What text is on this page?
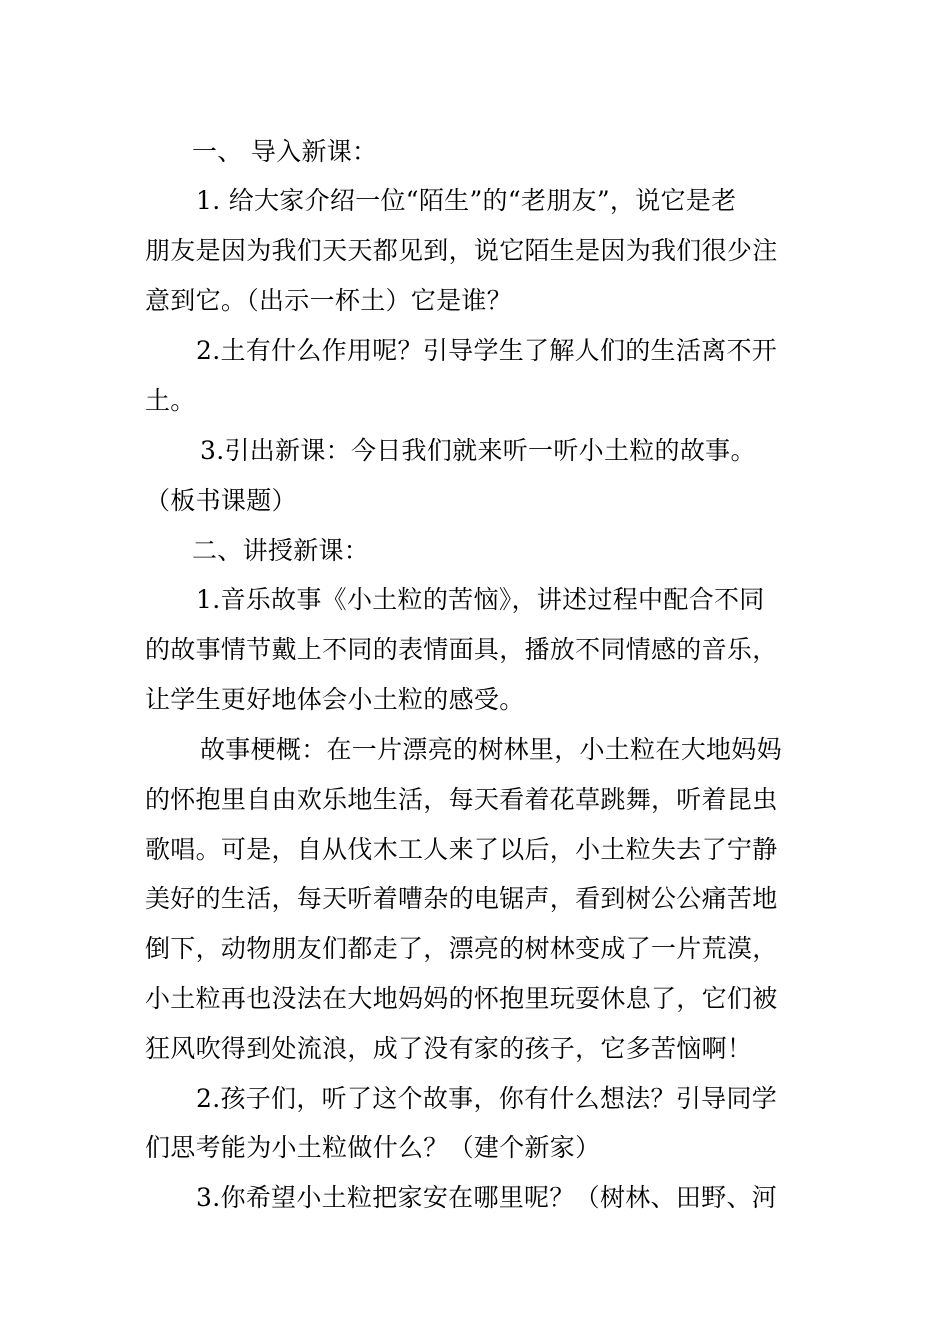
一、 导入新课：
1. 给大家介绍一位“陌生”的“老朋友”，说它是老
朋友是因为我们天天都见到，说它陌生是因为我们很少注
意到它。（出示一杯土）它是谁？
2.土有什么作用呢？引导学生了解人们的生活离不开
土。
3.引出新课：今日我们就来听一听小土粒的故事。
（板书课题）
二、讲授新课：
1.音乐故事《小土粒的苦恼》，讲述过程中配合不同
的故事情节戴上不同的表情面具，播放不同情感的音乐，
让学生更好地体会小土粒的感受。
故事梗概：在一片漂亮的树林里，小土粒在大地妈妈
的怀抱里自由欢乐地生活，每天看着花草跳舞，听着昆虫
歌唱。可是，自从伐木工人来了以后，小土粒失去了宁静
美好的生活，每天听着嘈杂的电锯声，看到树公公痛苦地
倒下，动物朋友们都走了，漂亮的树林变成了一片荒漠，
小土粒再也没法在大地妈妈的怀抱里玩耍休息了，它们被
狂风吹得到处流浪，成了没有家的孩子，它多苦恼啊！
2.孩子们，听了这个故事，你有什么想法？引导同学
们思考能为小土粒做什么？（建个新家）
3.你希望小土粒把家安在哪里呢？（树林、田野、河
